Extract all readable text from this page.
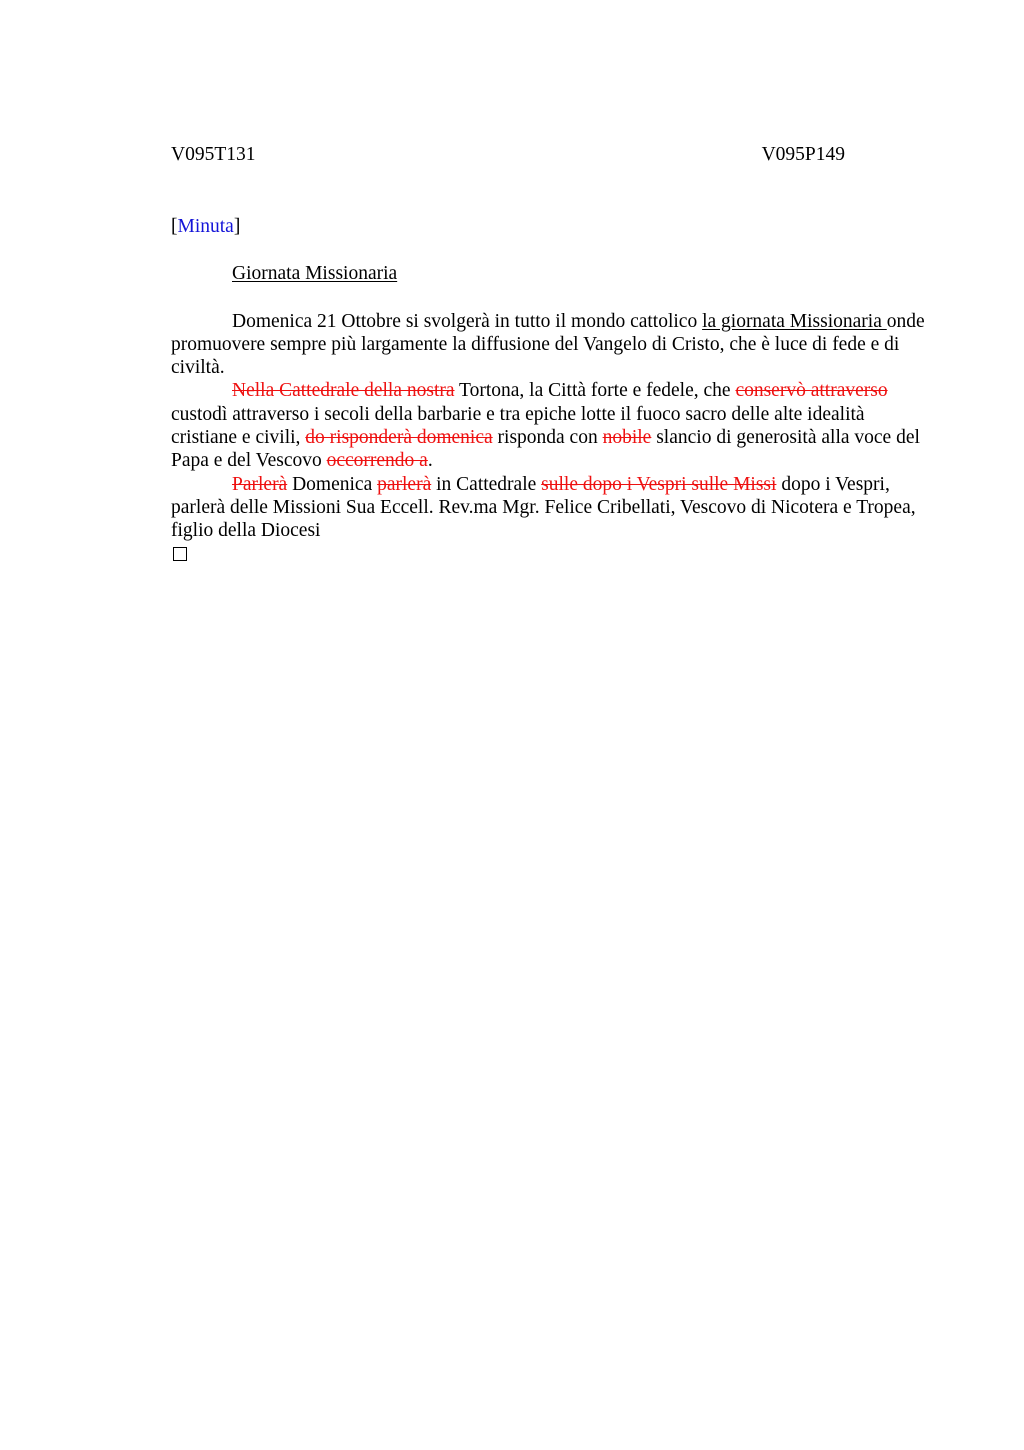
V095T131	V095P149
[Minuta]
Giornata Missionaria

Domenica 21 Ottobre si svolgerà in tutto il mondo cattolico la giornata Missionaria onde promuovere sempre più largamente la diffusione del Vangelo di Cristo, che è luce di fede e di civiltà.

Nella Cattedrale della nostra Tortona, la Città forte e fedele, che conservò attraverso custodì attraverso i secoli della barbarie e tra epiche lotte il fuoco sacro delle alte idealità cristiane e civili, do risponderà domenica risponda con nobile slancio di generosità alla voce del Papa e del Vescovo occorrendo a.

Parlerà Domenica parlerà in Cattedrale sulle dopo i Vespri sulle Missi dopo i Vespri, parlerà delle Missioni Sua Eccell. Rev.ma Mgr. Felice Cribellati, Vescovo di Nicotera e Tropea, figlio della Diocesi
